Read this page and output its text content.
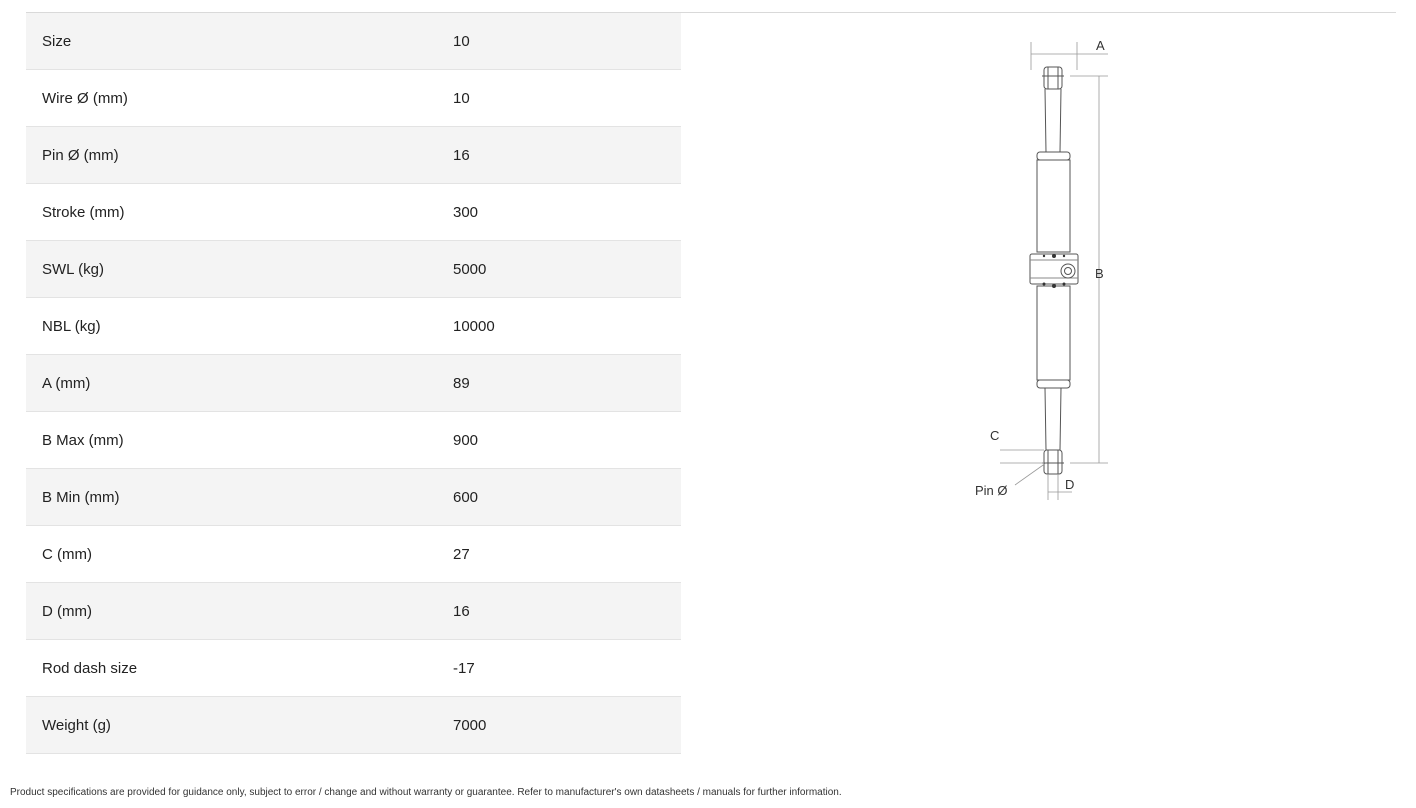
Size	10
Wire Ø (mm)	10
Pin Ø (mm)	16
Stroke (mm)	300
SWL (kg)	5000
NBL (kg)	10000
A (mm)	89
B Max (mm)	900
B Min (mm)	600
C (mm)	27
D (mm)	16
Rod dash size	-17
Weight (g)	7000
A
B
C
D
Pin Ø
Product specifications are provided for guidance only, subject to error / change and without warranty or guarantee. Refer to manufacturer's own datasheets / manuals for further information.
